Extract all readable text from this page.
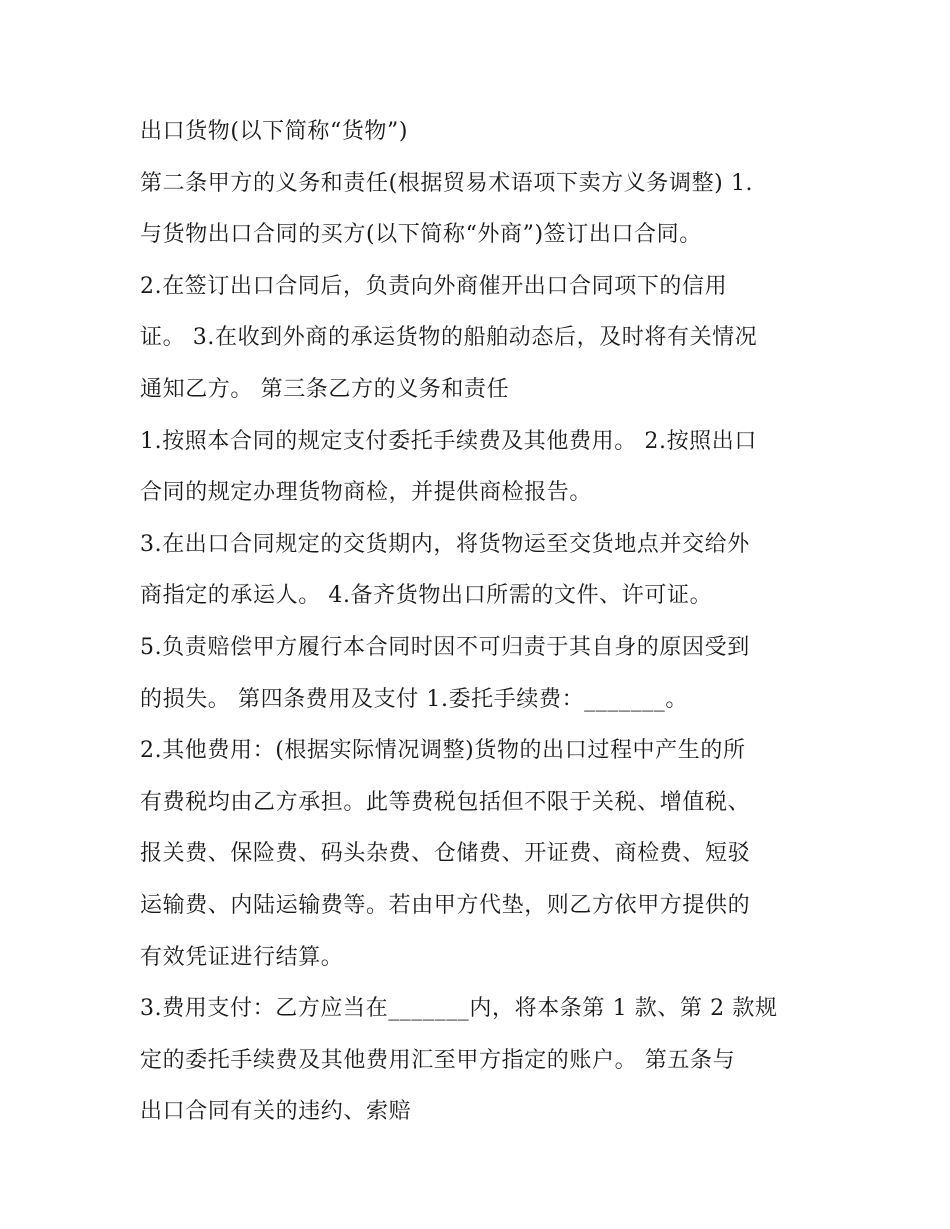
出口货物(以下简称“货物”)
第二条甲方的义务和责任(根据贸易术语项下卖方义务调整) 1.
与货物出口合同的买方(以下简称“外商”)签订出口合同。
2.在签订出口合同后，负责向外商催开出口合同项下的信用
证。 3.在收到外商的承运货物的船舶动态后，及时将有关情况
通知乙方。 第三条乙方的义务和责任
1.按照本合同的规定支付委托手续费及其他费用。 2.按照出口
合同的规定办理货物商检，并提供商检报告。
3.在出口合同规定的交货期内，将货物运至交货地点并交给外
商指定的承运人。 4.备齐货物出口所需的文件、许可证。
5.负责赔偿甲方履行本合同时因不可归责于其自身的原因受到
的损失。 第四条费用及支付 1.委托手续费：_______。
2.其他费用：(根据实际情况调整)货物的出口过程中产生的所
有费税均由乙方承担。此等费税包括但不限于关税、增值税、
报关费、保险费、码头杂费、仓储费、开证费、商检费、短驳
运输费、内陆运输费等。若由甲方代垫，则乙方依甲方提供的
有效凭证进行结算。
3.费用支付：乙方应当在_______内，将本条第 1 款、第 2 款规
定的委托手续费及其他费用汇至甲方指定的账户。 第五条与
出口合同有关的违约、索赔
